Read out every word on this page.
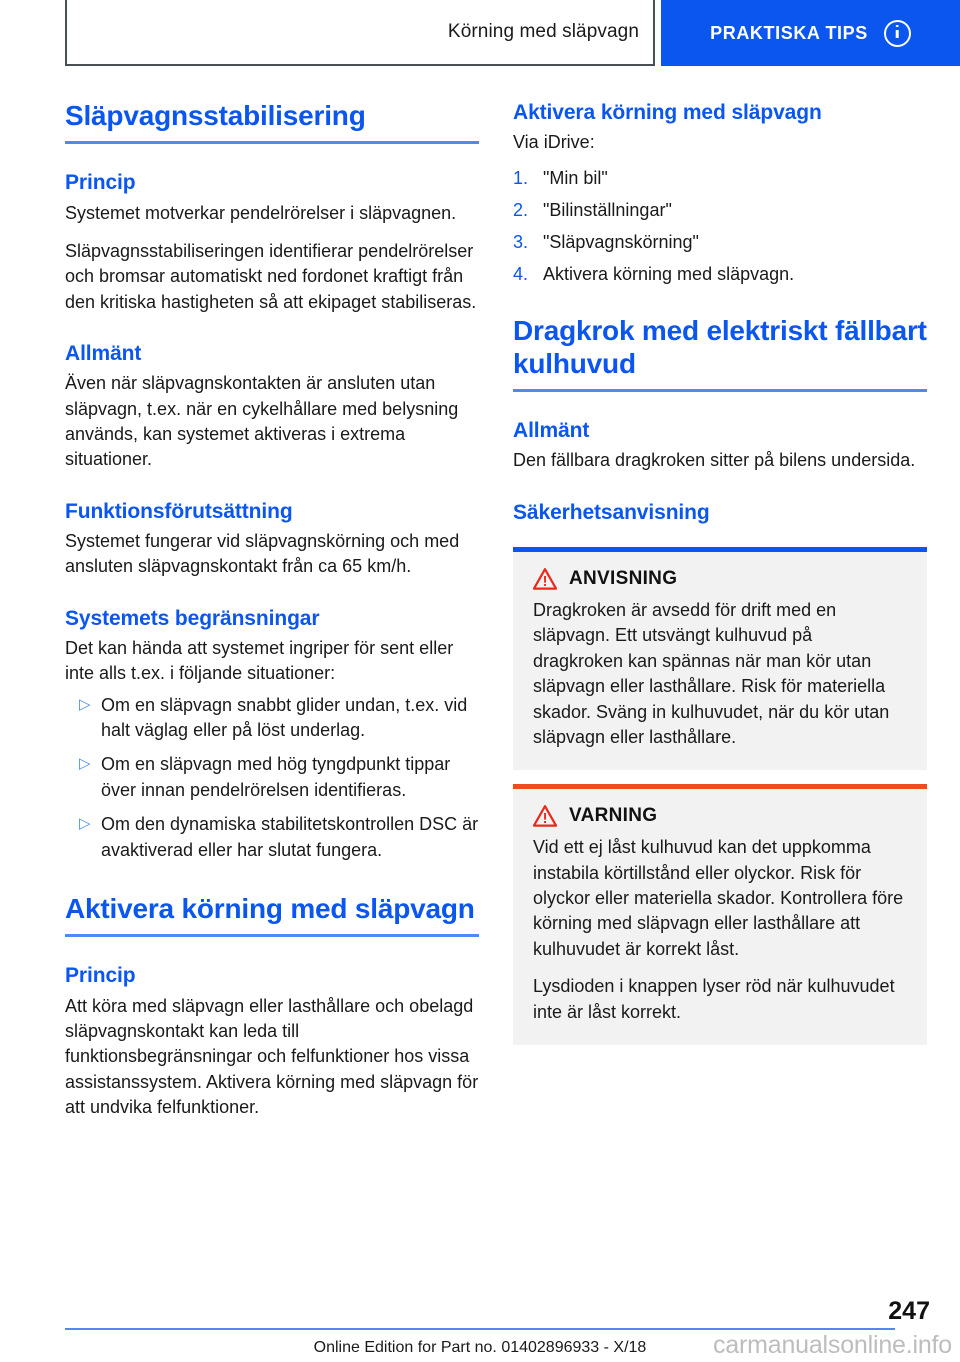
Körning med släpvagn	PRAKTISKA TIPS
Släpvagnsstabilisering
Princip

Systemet motverkar pendelrörelser i släpvagnen.

Släpvagnsstabiliseringen identifierar pendelrörelser och bromsar automatiskt ned fordonet kraftigt från den kritiska hastigheten så att ekipaget stabiliseras.

Allmänt

Även när släpvagnskontakten är ansluten utan släpvagn, t.ex. när en cykelhållare med belysning används, kan systemet aktiveras i extrema situationer.

Funktionsförutsättning

Systemet fungerar vid släpvagnskörning och med ansluten släpvagnskontakt från ca 65 km/h.

Systemets begränsningar

Det kan hända att systemet ingriper för sent eller inte alls t.ex. i följande situationer:

▷ Om en släpvagn snabbt glider undan, t.ex. vid halt väglag eller på löst underlag.
▷ Om en släpvagn med hög tyngdpunkt tippar över innan pendelrörelsen identifieras.
▷ Om den dynamiska stabilitetskontrollen DSC är avaktiverad eller har slutat fungera.
Aktivera körning med släpvagn
Princip

Att köra med släpvagn eller lasthållare och obelagd släpvagnskontakt kan leda till funktionsbegränsningar och felfunktioner hos vissa assistanssystem. Aktivera körning med släpvagn för att undvika felfunktioner.

Aktivera körning med släpvagn

Via iDrive:

1. "Min bil"
2. "Bilinställningar"
3. "Släpvagnskörning"
4. Aktivera körning med släpvagn.
Dragkrok med elektriskt fällbart kulhuvud
Allmänt

Den fällbara dragkroken sitter på bilens undersida.

Säkerhetsanvisning
ANVISNING

Dragkroken är avsedd för drift med en släpvagn. Ett utsvängt kulhuvud på dragkroken kan spännas när man kör utan släpvagn eller lasthållare. Risk för materiella skador. Sväng in kulhuvudet, när du kör utan släpvagn eller lasthållare.

VARNING

Vid ett ej låst kulhuvud kan det uppkomma instabila körtillstånd eller olyckor. Risk för olyckor eller materiella skador. Kontrollera före körning med släpvagn eller lasthållare att kulhuvudet är korrekt låst.

Lysdioden i knappen lyser röd när kulhuvudet inte är låst korrekt.

247
Online Edition for Part no. 01402896933 - X/18	carmanualsonline.info
